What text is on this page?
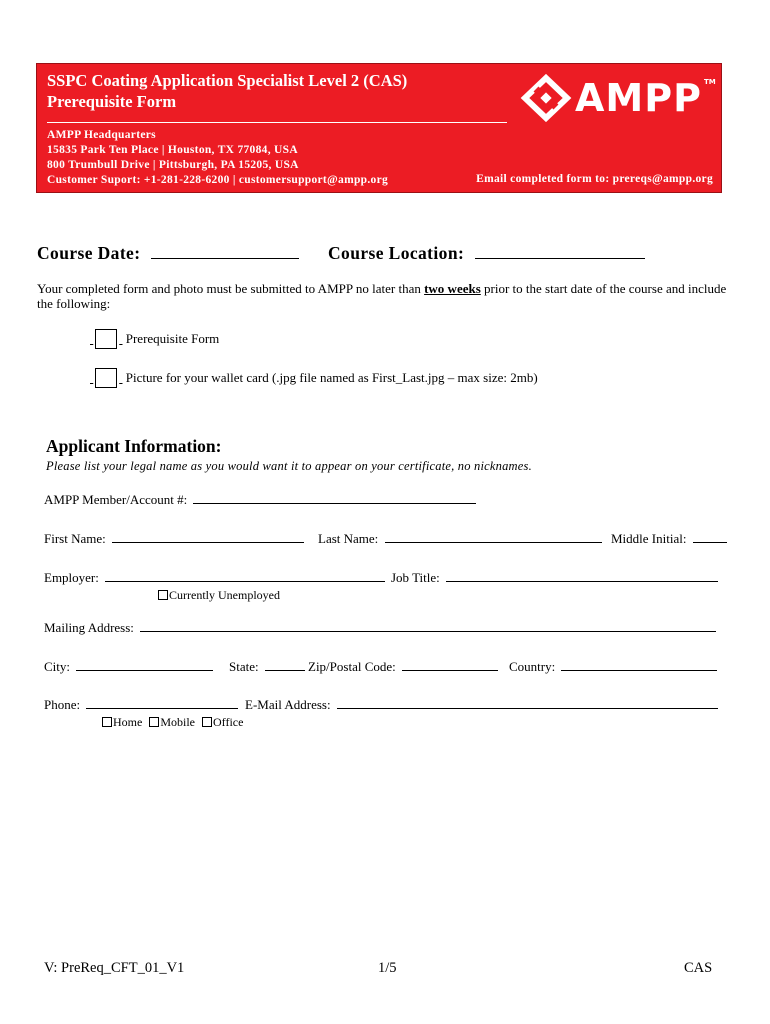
SSPC Coating Application Specialist Level 2 (CAS)
Prerequisite Form
AMPP Headquarters
15835 Park Ten Place | Houston, TX 77084, USA
800 Trumbull Drive | Pittsburgh, PA 15205, USA
Customer Suport: +1-281-228-6200 | customersupport@ampp.org	Email completed form to: prereqs@ampp.org
AMPP TM
Course Date:	Course Location:
Your completed form and photo must be submitted to AMPP no later than two weeks prior to the start date of the course and include the following:
Prerequisite Form
Picture for your wallet card (.jpg file named as First_Last.jpg – max size: 2mb)
Applicant Information:
Please list your legal name as you would want it to appear on your certificate, no nicknames.
AMPP Member/Account #:
First Name:	Last Name:	Middle Initial:
Employer:	Job Title:
Currently Unemployed
Mailing Address:
City:	State:	Zip/Postal Code:	Country:
Phone:	E-Mail Address:
Home Mobile Office
V: PreReq_CFT_01_V1	1/5	CAS
